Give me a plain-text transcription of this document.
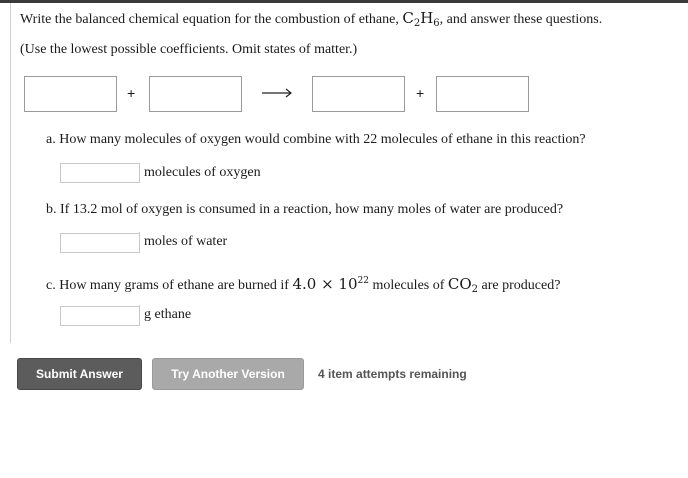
Write the balanced chemical equation for the combustion of ethane, $C_2H_6$, and answer these questions.
(Use the lowest possible coefficients. Omit states of matter.)
+	+
a. How many molecules of oxygen would combine with 22 molecules of ethane in this reaction?
molecules of oxygen
b. If 13.2 mol of oxygen is consumed in a reaction, how many moles of water are produced?
moles of water
c. How many grams of ethane are burned if $4.0 \times 10^{22}$ molecules of $CO_2$ are produced?
g ethane
Submit Answer	Try Another Version	4 item attempts remaining
